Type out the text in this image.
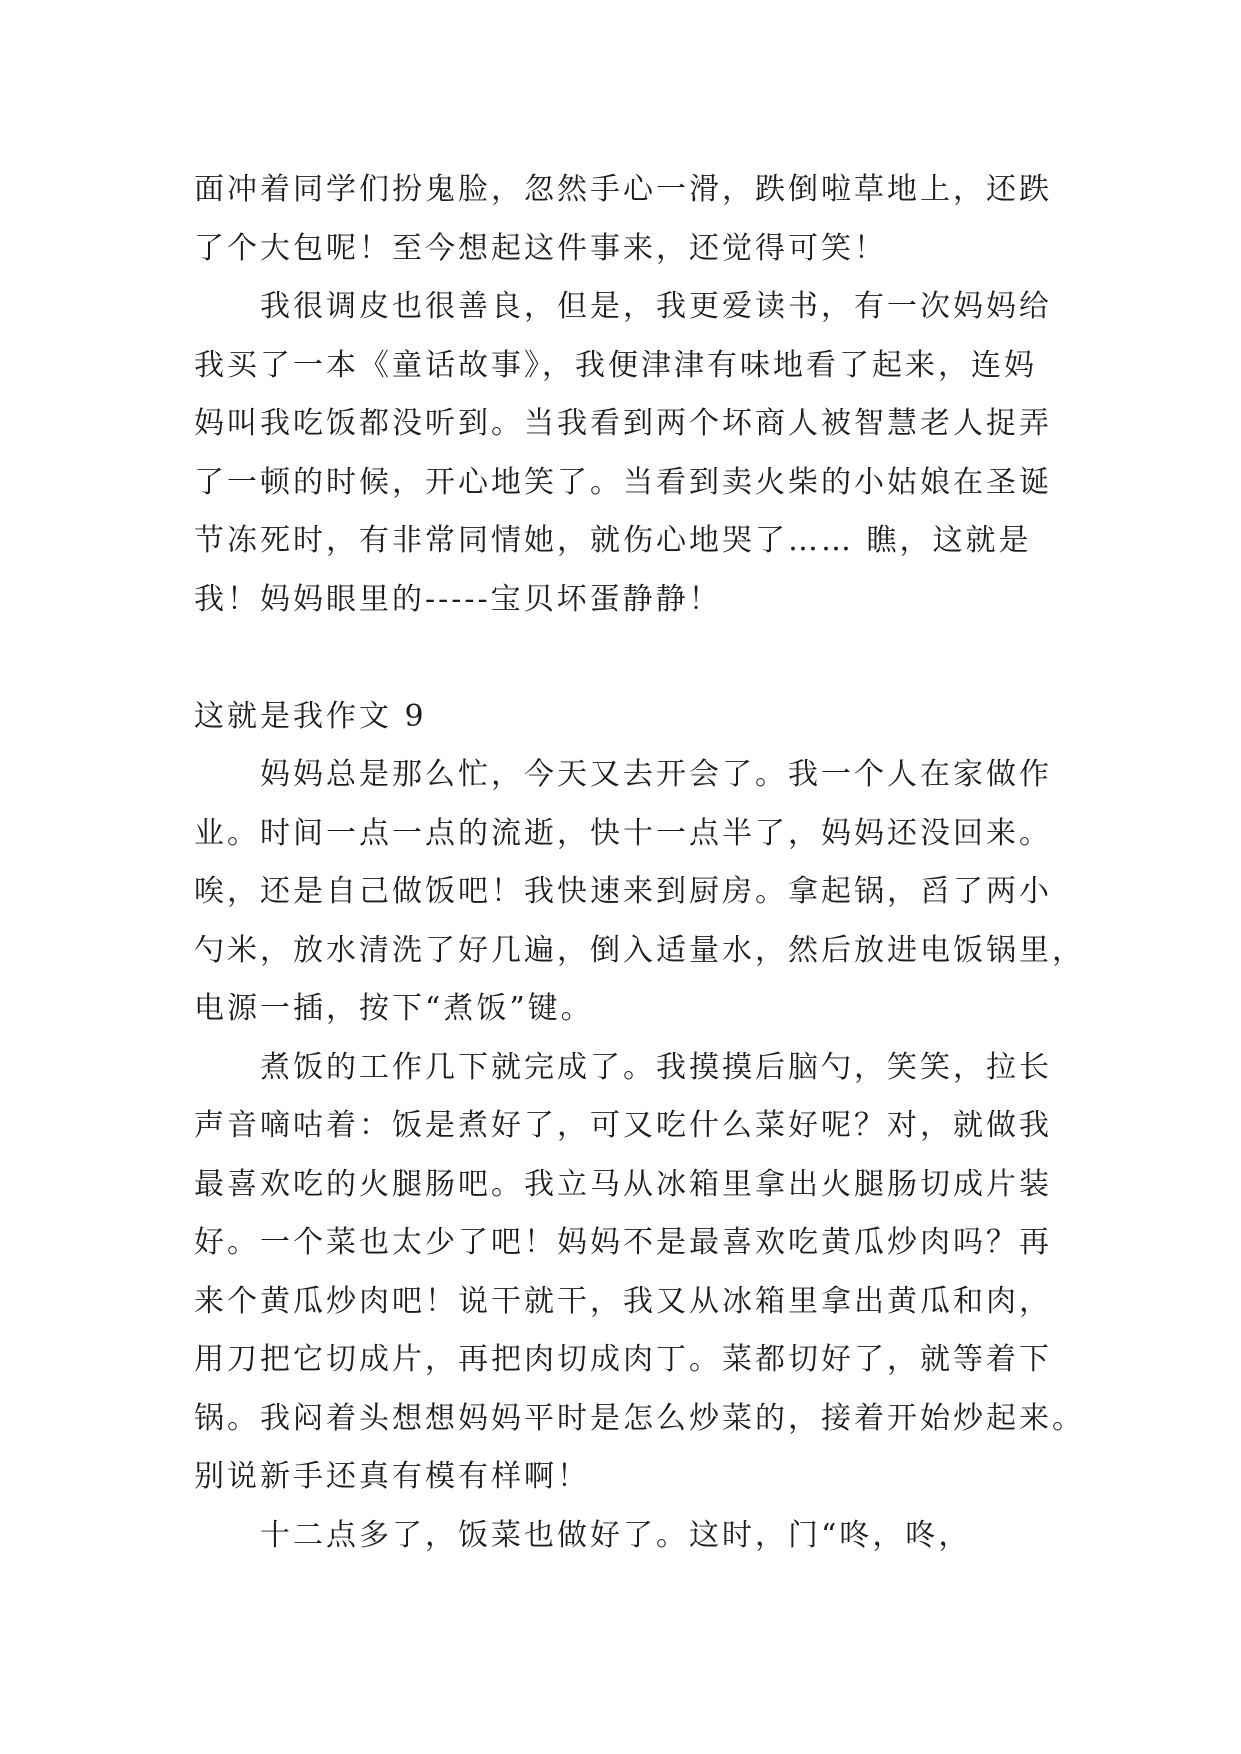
面冲着同学们扮鬼脸，忽然手心一滑，跌倒啦草地上，还跌
了个大包呢！至今想起这件事来，还觉得可笑！
我很调皮也很善良，但是，我更爱读书，有一次妈妈给
我买了一本《童话故事》，我便津津有味地看了起来，连妈
妈叫我吃饭都没听到。当我看到两个坏商人被智慧老人捉弄
了一顿的时候，开心地笑了。当看到卖火柴的小姑娘在圣诞
节冻死时，有非常同情她，就伤心地哭了…… 瞧，这就是
我！妈妈眼里的-----宝贝坏蛋静静！
这就是我作文 9
妈妈总是那么忙，今天又去开会了。我一个人在家做作
业。时间一点一点的流逝，快十一点半了，妈妈还没回来。
唉，还是自己做饭吧！我快速来到厨房。拿起锅，舀了两小
勺米，放水清洗了好几遍，倒入适量水，然后放进电饭锅里，
电源一插，按下“煮饭”键。
煮饭的工作几下就完成了。我摸摸后脑勺，笑笑，拉长
声音嘀咕着：饭是煮好了，可又吃什么菜好呢？对，就做我
最喜欢吃的火腿肠吧。我立马从冰箱里拿出火腿肠切成片装
好。一个菜也太少了吧！妈妈不是最喜欢吃黄瓜炒肉吗？再
来个黄瓜炒肉吧！说干就干，我又从冰箱里拿出黄瓜和肉，
用刀把它切成片，再把肉切成肉丁。菜都切好了，就等着下
锅。我闷着头想想妈妈平时是怎么炒菜的，接着开始炒起来。
别说新手还真有模有样啊！
十二点多了，饭菜也做好了。这时，门“咚，咚，
